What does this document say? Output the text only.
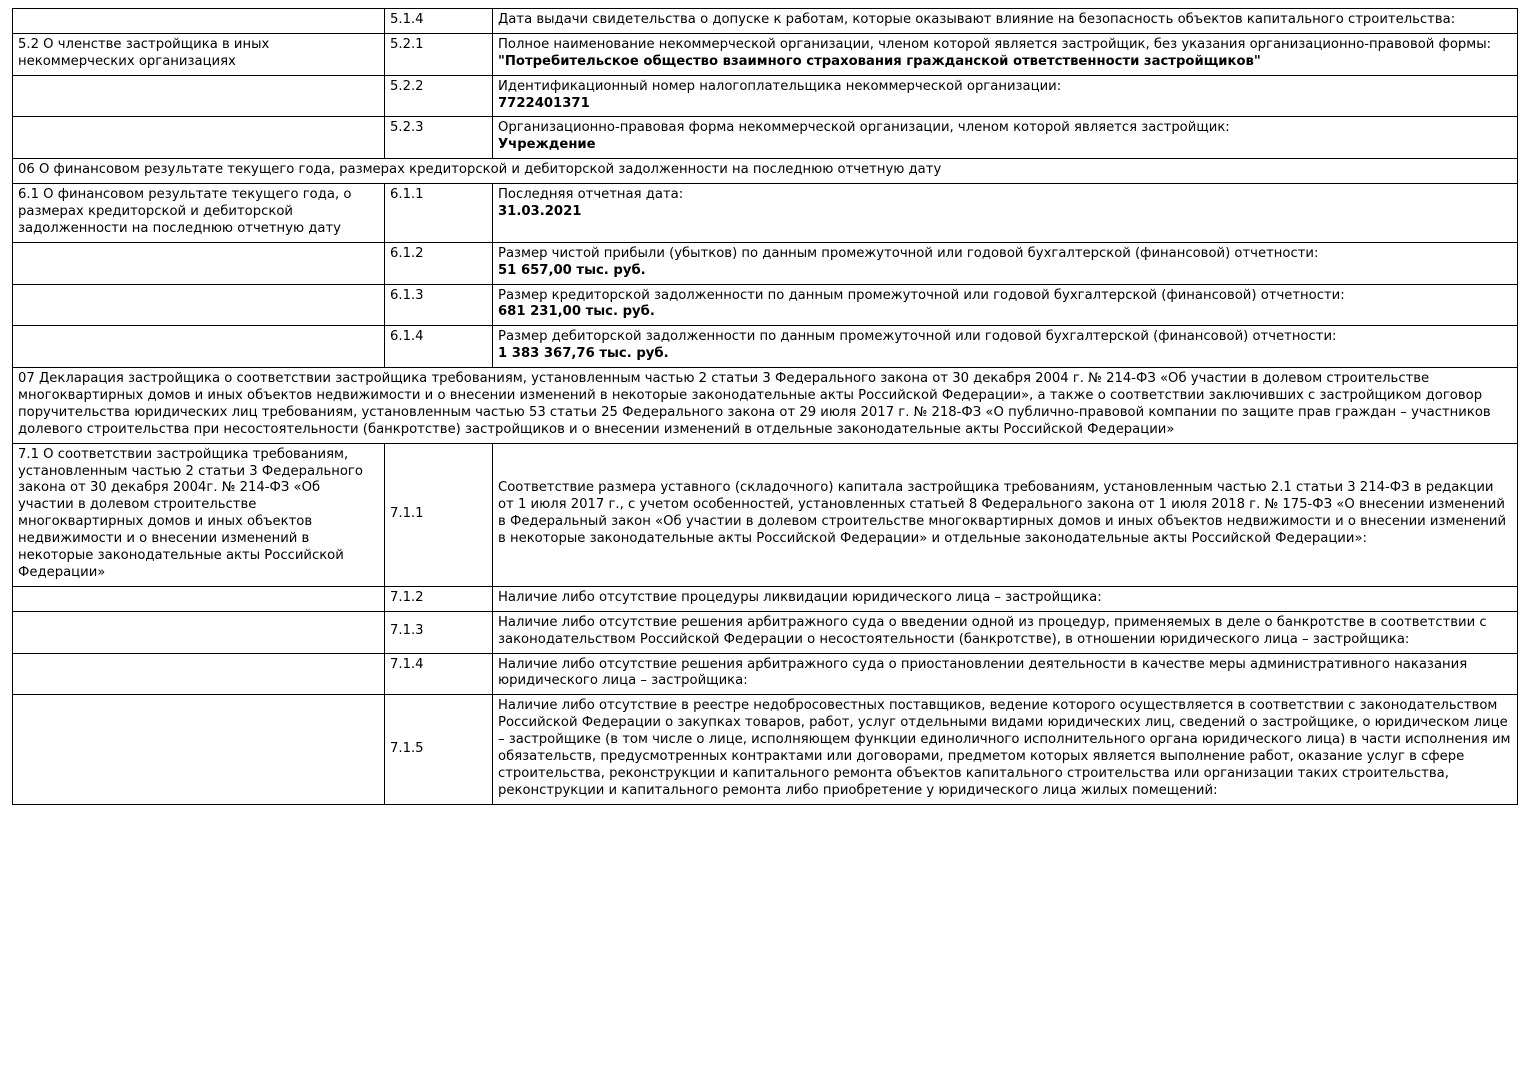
	5.1.4	Дата выдачи свидетельства о допуске к работам, которые оказывают влияние на безопасность объектов капитального строительства:

5.2 О членстве застройщика в иных некоммерческих организациях	5.2.1	Полное наименование некоммерческой организации, членом которой является застройщик, без указания организационно-правовой формы:

"Потребительское общество взаимного страхования гражданской ответственности застройщиков"

	5.2.2	Идентификационный номер налогоплательщика некоммерческой организации:

7722401371

	5.2.3	Организационно-правовая форма некоммерческой организации, членом которой является застройщик:

Учреждение

06 О финансовом результате текущего года, размерах кредиторской и дебиторской задолженности на последнюю отчетную дату		
6.1 О финансовом результате текущего года, о размерах кредиторской и дебиторской задолженности на последнюю отчетную дату	6.1.1	Последняя отчетная дата:

31.03.2021

	6.1.2	Размер чистой прибыли (убытков) по данным промежуточной или годовой бухгалтерской (финансовой) отчетности:

51 657,00 тыс. руб.

	6.1.3	Размер кредиторской задолженности по данным промежуточной или годовой бухгалтерской (финансовой) отчетности:

681 231,00 тыс. руб.

	6.1.4	Размер дебиторской задолженности по данным промежуточной или годовой бухгалтерской (финансовой) отчетности:

1 383 367,76 тыс. руб.

07 Декларация застройщика о соответствии застройщика требованиям, установленным частью 2 статьи 3 Федерального закона от 30 декабря 2004 г. № 214-ФЗ «Об участии в долевом строительстве многоквартирных домов и иных объектов недвижимости и о внесении изменений в некоторые законодательные акты Российской Федерации», а также о соответствии заключивших с застройщиком договор поручительства юридических лиц требованиям, установленным частью 53 статьи 25 Федерального закона от 29 июля 2017 г. № 218-ФЗ «О публично-правовой компании по защите прав граждан – участников долевого строительства при несостоятельности (банкротстве) застройщиков и о внесении изменений в отдельные законодательные акты Российской Федерации»		
7.1 О соответствии застройщика требованиям, установленным частью 2 статьи 3 Федерального закона от 30 декабря 2004г. № 214-ФЗ «Об участии в долевом строительстве многоквартирных домов и иных объектов недвижимости и о внесении изменений в некоторые законодательные акты Российской Федерации»	7.1.1	

Соответствие размера уставного (складочного) капитала застройщика требованиям, установленным частью 2.1 статьи 3 214-ФЗ в редакции от 1 июля 2017 г., с учетом особенностей, установленных статьей 8 Федерального закона от 1 июля 2018 г. № 175-ФЗ «О внесении изменений в Федеральный закон «Об участии в долевом строительстве многоквартирных домов и иных объектов недвижимости и о внесении изменений в некоторые законодательные акты Российской Федерации» и отдельные законодательные акты Российской Федерации»:

	7.1.2	Наличие либо отсутствие процедуры ликвидации юридического лица – застройщика:

	7.1.3	Наличие либо отсутствие решения арбитражного суда о введении одной из процедур, применяемых в деле о банкротстве в соответствии с законодательством Российской Федерации о несостоятельности (банкротстве), в отношении юридического лица – застройщика:

	7.1.4	Наличие либо отсутствие решения арбитражного суда о приостановлении деятельности в качестве меры административного наказания юридического лица – застройщика:

	7.1.5	Наличие либо отсутствие в реестре недобросовестных поставщиков, ведение которого осуществляется в соответствии с законодательством Российской Федерации о закупках товаров, работ, услуг отдельными видами юридических лиц, сведений о застройщике, о юридическом лице – застройщике (в том числе о лице, исполняющем функции единоличного исполнительного органа юридического лица) в части исполнения им обязательств, предусмотренных контрактами или договорами, предметом которых является выполнение работ, оказание услуг в сфере строительства, реконструкции и капитального ремонта объектов капитального строительства или организации таких строительства, реконструкции и капитального ремонта либо приобретение у юридического лица жилых помещений:
